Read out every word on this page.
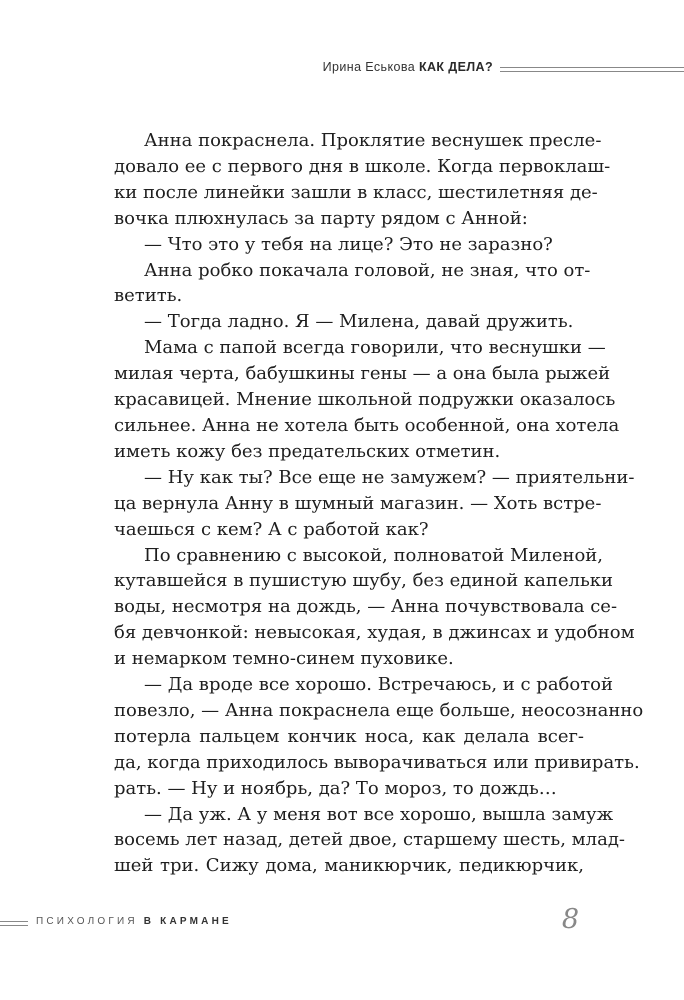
Ирина Еськова КАК ДЕЛА?
Анна покраснела. Проклятие веснушек пресле-
довало ее с первого дня в школе. Когда первоклаш-
ки после линейки зашли в класс, шестилетняя де-
вочка плюхнулась за парту рядом с Анной:
— Что это у тебя на лице? Это не заразно?
Анна робко покачала головой, не зная, что от-
ветить.
— Тогда ладно. Я — Милена, давай дружить.
Мама с папой всегда говорили, что веснушки —
милая черта, бабушкины гены — а она была рыжей
красавицей. Мнение школьной подружки оказалось
сильнее. Анна не хотела быть особенной, она хотела
иметь кожу без предательских отметин.
— Ну как ты? Все еще не замужем? — приятельни-
ца вернула Анну в шумный магазин. — Хоть встре-
чаешься с кем? А с работой как?
По сравнению с высокой, полноватой Миленой,
кутавшейся в пушистую шубу, без единой капельки
воды, несмотря на дождь, — Анна почувствовала се-
бя девчонкой: невысокая, худая, в джинсах и удобном
и немарком темно-синем пуховике.
— Да вроде все хорошо. Встречаюсь, и с работой
повезло, — Анна покраснела еще больше, неосознанно
потерла пальцем кончик носа, как делала всег-
да, когда приходилось выворачиваться или привирать.
рать. — Ну и ноябрь, да? То мороз, то дождь…
— Да уж. А у меня вот все хорошо, вышла замуж
восемь лет назад, детей двое, старшему шесть, млад-
шей три. Сижу дома, маникюрчик, педикюрчик,
ПСИХОЛОГИЯ В КАРМАНЕ	8
